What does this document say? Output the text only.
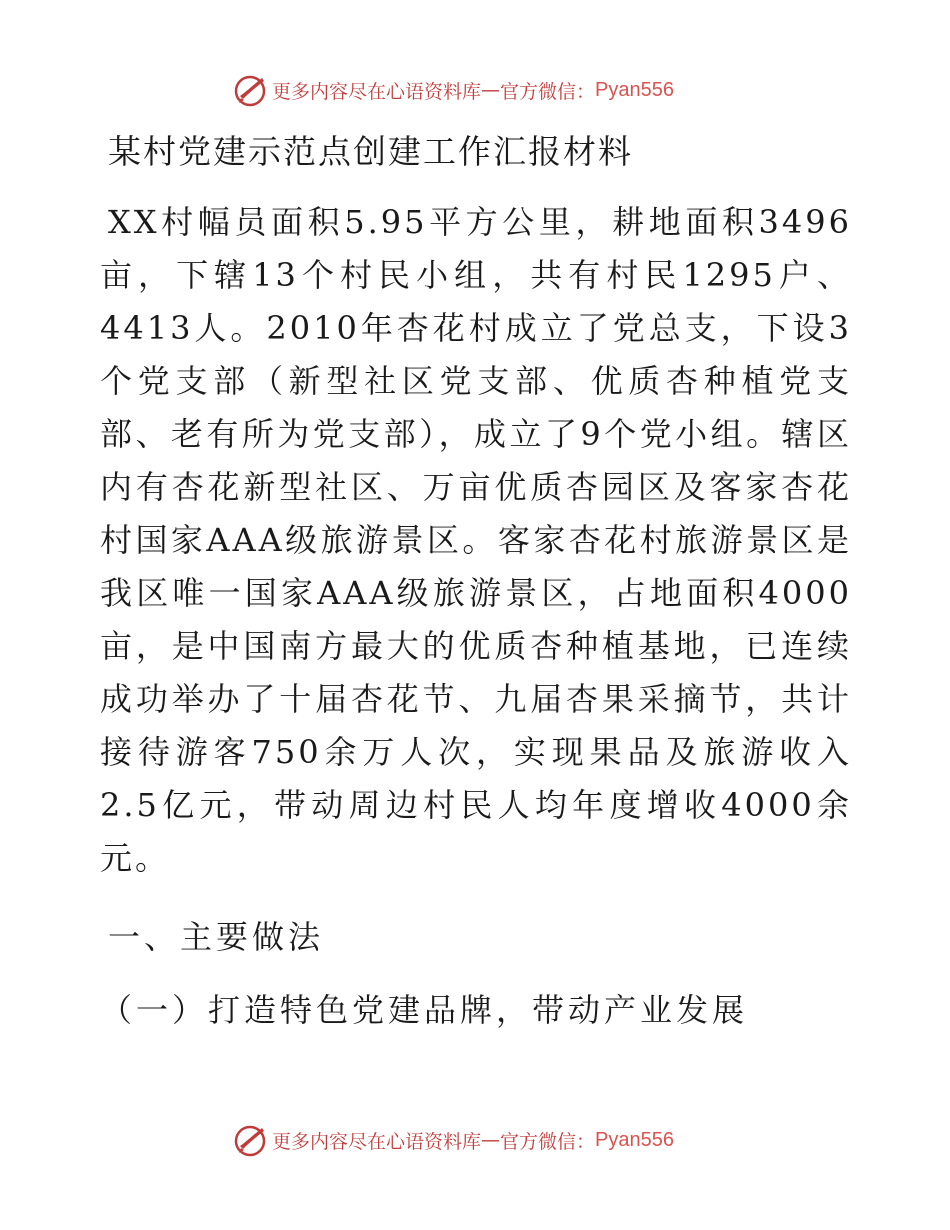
更多内容尽在心语资料库 — 官方微信： Pyan556
某村党建示范点创建工作汇报材料

XX村幅员面积5.95平方公里，耕地面积3496亩，下辖13个村民小组，共有村民1295户、4413人。2010年杏花村成立了党总支，下设3个党支部（新型社区党支部、优质杏种植党支部、老有所为党支部），成立了9个党小组。辖区内有杏花新型社区、万亩优质杏园区及客家杏花村国家AAA级旅游景区。客家杏花村旅游景区是我区唯一国家AAA级旅游景区，占地面积4000亩，是中国南方最大的优质杏种植基地，已连续成功举办了十届杏花节、九届杏果采摘节，共计接待游客750余万人次，实现果品及旅游收入2.5亿元，带动周边村民人均年度增收4000余元。

一、主要做法
（一）打造特色党建品牌，带动产业发展
更多内容尽在心语资料库 — 官方微信： Pyan556
